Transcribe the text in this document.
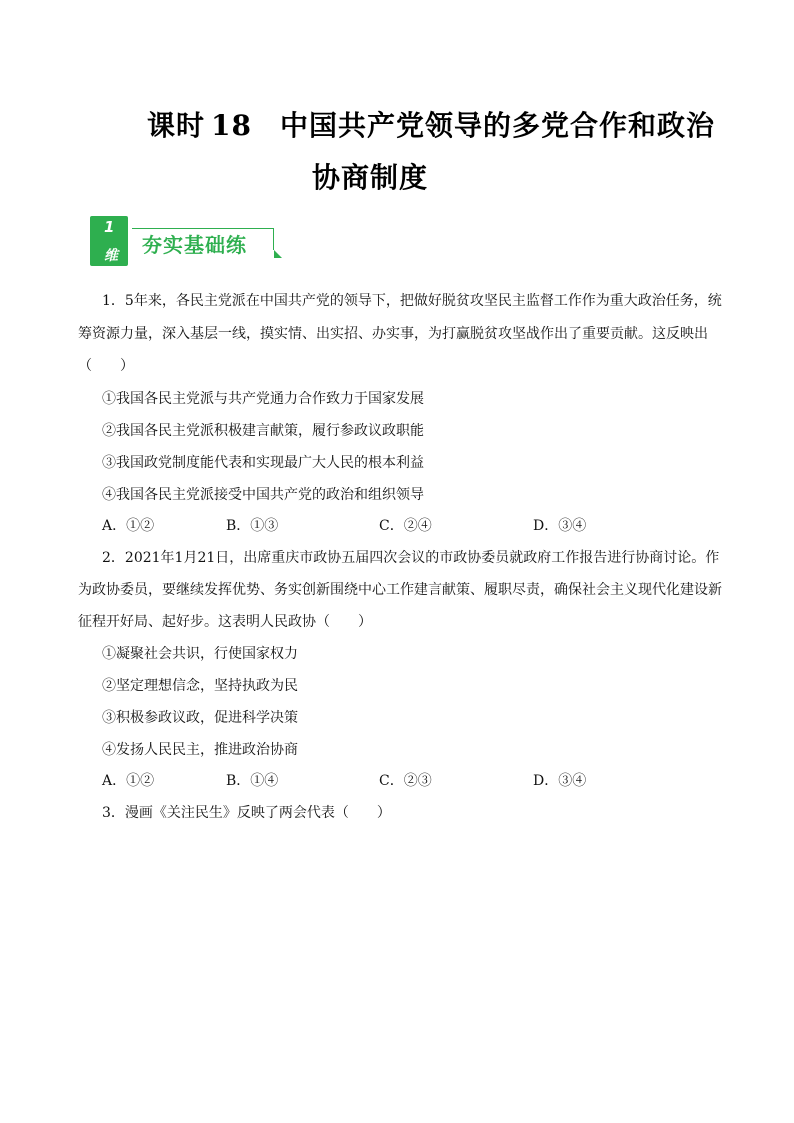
课时 18 中国共产党领导的多党合作和政治
协商制度
1
维 夯实基础练
1．5年来，各民主党派在中国共产党的领导下，把做好脱贫攻坚民主监督工作作为重大政治任务，统
筹资源力量，深入基层一线，摸实情、出实招、办实事，为打赢脱贫攻坚战作出了重要贡献。这反映出
（　　）
①我国各民主党派与共产党通力合作致力于国家发展
②我国各民主党派积极建言献策，履行参政议政职能
③我国政党制度能代表和实现最广大人民的根本利益
④我国各民主党派接受中国共产党的政治和组织领导
A．①②	B．①③	C．②④	D．③④
2．2021年1月21日，出席重庆市政协五届四次会议的市政协委员就政府工作报告进行协商讨论。作
为政协委员，要继续发挥优势、务实创新围绕中心工作建言献策、履职尽责，确保社会主义现代化建设新
征程开好局、起好步。这表明人民政协（　　）
①凝聚社会共识，行使国家权力
②坚定理想信念，坚持执政为民
③积极参政议政，促进科学决策
④发扬人民民主，推进政治协商
A．①②	B．①④	C．②③	D．③④
3．漫画《关注民生》反映了两会代表（　　）
